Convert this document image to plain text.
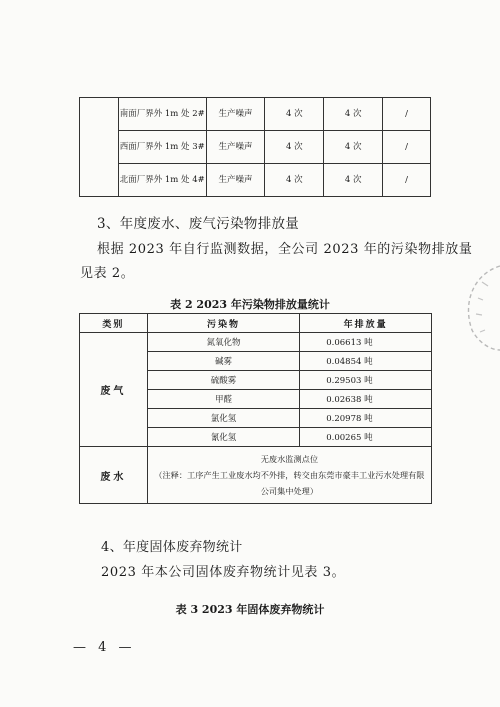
	南面厂界外 1m 处 2#	生产噪声	4 次	4 次	/
	西面厂界外 1m 处 3#	生产噪声	4 次	4 次	/
	北面厂界外 1m 处 4#	生产噪声	4 次	4 次	/
3、年度废水、废气污染物排放量
根据 2023 年自行监测数据，全公司 2023 年的污染物排放量
见表 2。
表 2 2023 年污染物排放量统计
类别	污染物	年排放量
废气	氮氧化物	0.06613 吨
	碱雾	0.04854 吨
	硫酸雾	0.29503 吨
	甲醛	0.02638 吨
	氯化氢	0.20978 吨
	氰化氢	0.00265 吨
废水	无废水监测点位
（注释：工序产生工业废水均不外排，转交由东莞市豪丰工业污水处理有限
公司集中处理）	
4、年度固体废弃物统计
2023 年本公司固体废弃物统计见表 3。
表 3 2023 年固体废弃物统计
— 4 —
